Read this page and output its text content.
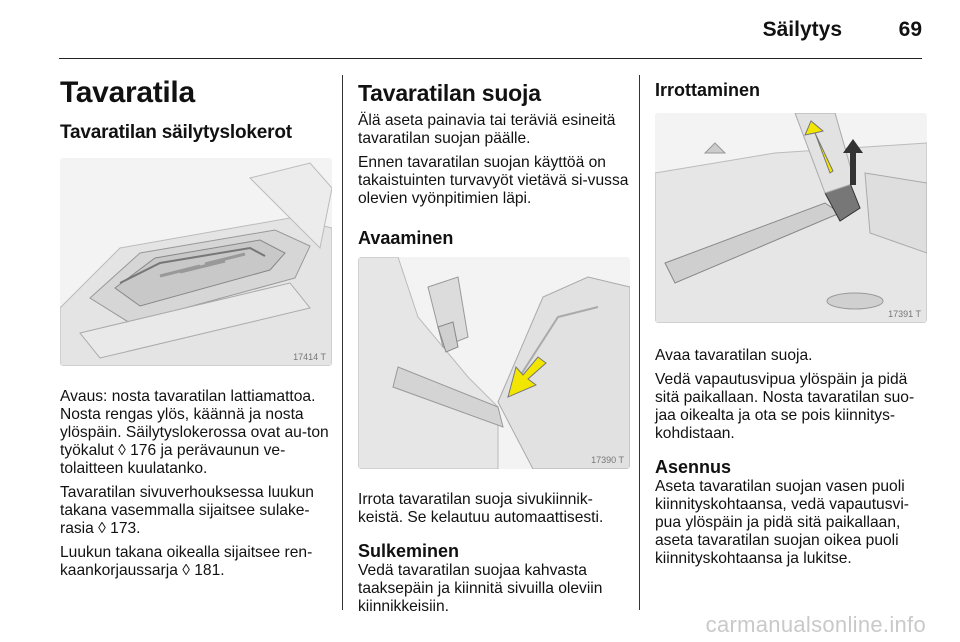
Säilytys	69
Tavaratila
Tavaratilan säilytyslokerot
17414 T

Avaus: nosta tavaratilan lattiamattoa. Nosta rengas ylös, käännä ja nosta ylöspäin. Säilytyslokerossa ovat au-ton työkalut ◊ 176 ja perävaunun ve-tolaitteen kuulatanko.

Tavaratilan sivuverhouksessa luukun takana vasemmalla sijaitsee sulake-rasia ◊ 173.

Luukun takana oikealla sijaitsee ren-kaankorjaussarja ◊ 181.

Tavaratilan suoja

Älä aseta painavia tai teräviä esineitä tavaratilan suojan päälle.

Ennen tavaratilan suojan käyttöä on takaistuinten turvavyöt vietävä si-vussa olevien vyönpitimien läpi.

Avaaminen
17390 T

Irrota tavaratilan suoja sivukiinnik-keistä. Se kelautuu automaattisesti.

Sulkeminen

Vedä tavaratilan suojaa kahvasta taaksepäin ja kiinnitä sivuilla oleviin kiinnikkeisiin.

Irrottaminen
17391 T

Avaa tavaratilan suoja.

Vedä vapautusvipua ylöspäin ja pidä sitä paikallaan. Nosta tavaratilan suo-jaa oikealta ja ota se pois kiinnitys-kohdistaan.

Asennus

Aseta tavaratilan suojan vasen puoli kiinnityskohtaansa, vedä vapautusvi-pua ylöspäin ja pidä sitä paikallaan, aseta tavaratilan suojan oikea puoli kiinnityskohtaansa ja lukitse.

carmanualsonline.info
